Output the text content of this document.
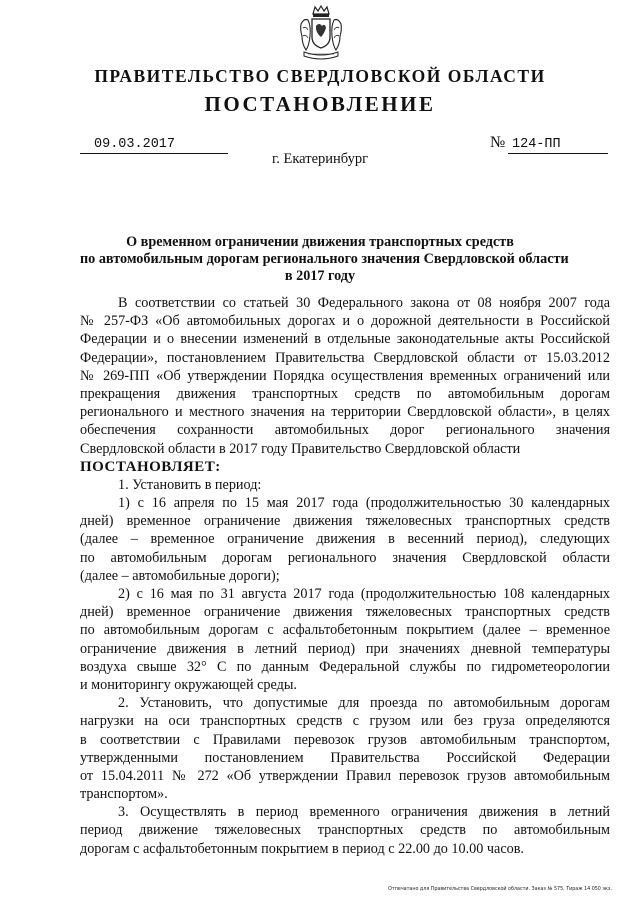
ПРАВИТЕЛЬСТВО СВЕРДЛОВСКОЙ ОБЛАСТИ
ПОСТАНОВЛЕНИЕ
09.03.2017	№ 124-ПП
г. Екатеринбург
О временном ограничении движения транспортных средств
по автомобильным дорогам регионального значения Свердловской области
в 2017 году
В соответствии со статьей 30 Федерального закона от 08 ноября 2007 года
№ 257-ФЗ «Об автомобильных дорогах и о дорожной деятельности в Российской
Федерации и о внесении изменений в отдельные законодательные акты Российской
Федерации», постановлением Правительства Свердловской области от 15.03.2012
№ 269-ПП «Об утверждении Порядка осуществления временных ограничений или
прекращения движения транспортных средств по автомобильным дорогам
регионального и местного значения на территории Свердловской области», в целях
обеспечения сохранности автомобильных дорог регионального значения
Свердловской области в 2017 году Правительство Свердловской области
ПОСТАНОВЛЯЕТ:
1. Установить в период:
1) с 16 апреля по 15 мая 2017 года (продолжительностью 30 календарных
дней) временное ограничение движения тяжеловесных транспортных средств
(далее – временное ограничение движения в весенний период), следующих
по автомобильным дорогам регионального значения Свердловской области
(далее – автомобильные дороги);
2) с 16 мая по 31 августа 2017 года (продолжительностью 108 календарных
дней) временное ограничение движения тяжеловесных транспортных средств
по автомобильным дорогам с асфальтобетонным покрытием (далее – временное
ограничение движения в летний период) при значениях дневной температуры
воздуха свыше 32° С по данным Федеральной службы по гидрометеорологии
и мониторингу окружающей среды.
2. Установить, что допустимые для проезда по автомобильным дорогам
нагрузки на оси транспортных средств с грузом или без груза определяются
в соответствии с Правилами перевозок грузов автомобильным транспортом,
утвержденными постановлением Правительства Российской Федерации
от 15.04.2011 № 272 «Об утверждении Правил перевозок грузов автомобильным
транспортом».
3. Осуществлять в период временного ограничения движения в летний
период движение тяжеловесных транспортных средств по автомобильным
дорогам с асфальтобетонным покрытием в период с 22.00 до 10.00 часов.
Отпечатано для Правительства Свердловской области. Заказ № 575. Тираж 14 050 экз.
